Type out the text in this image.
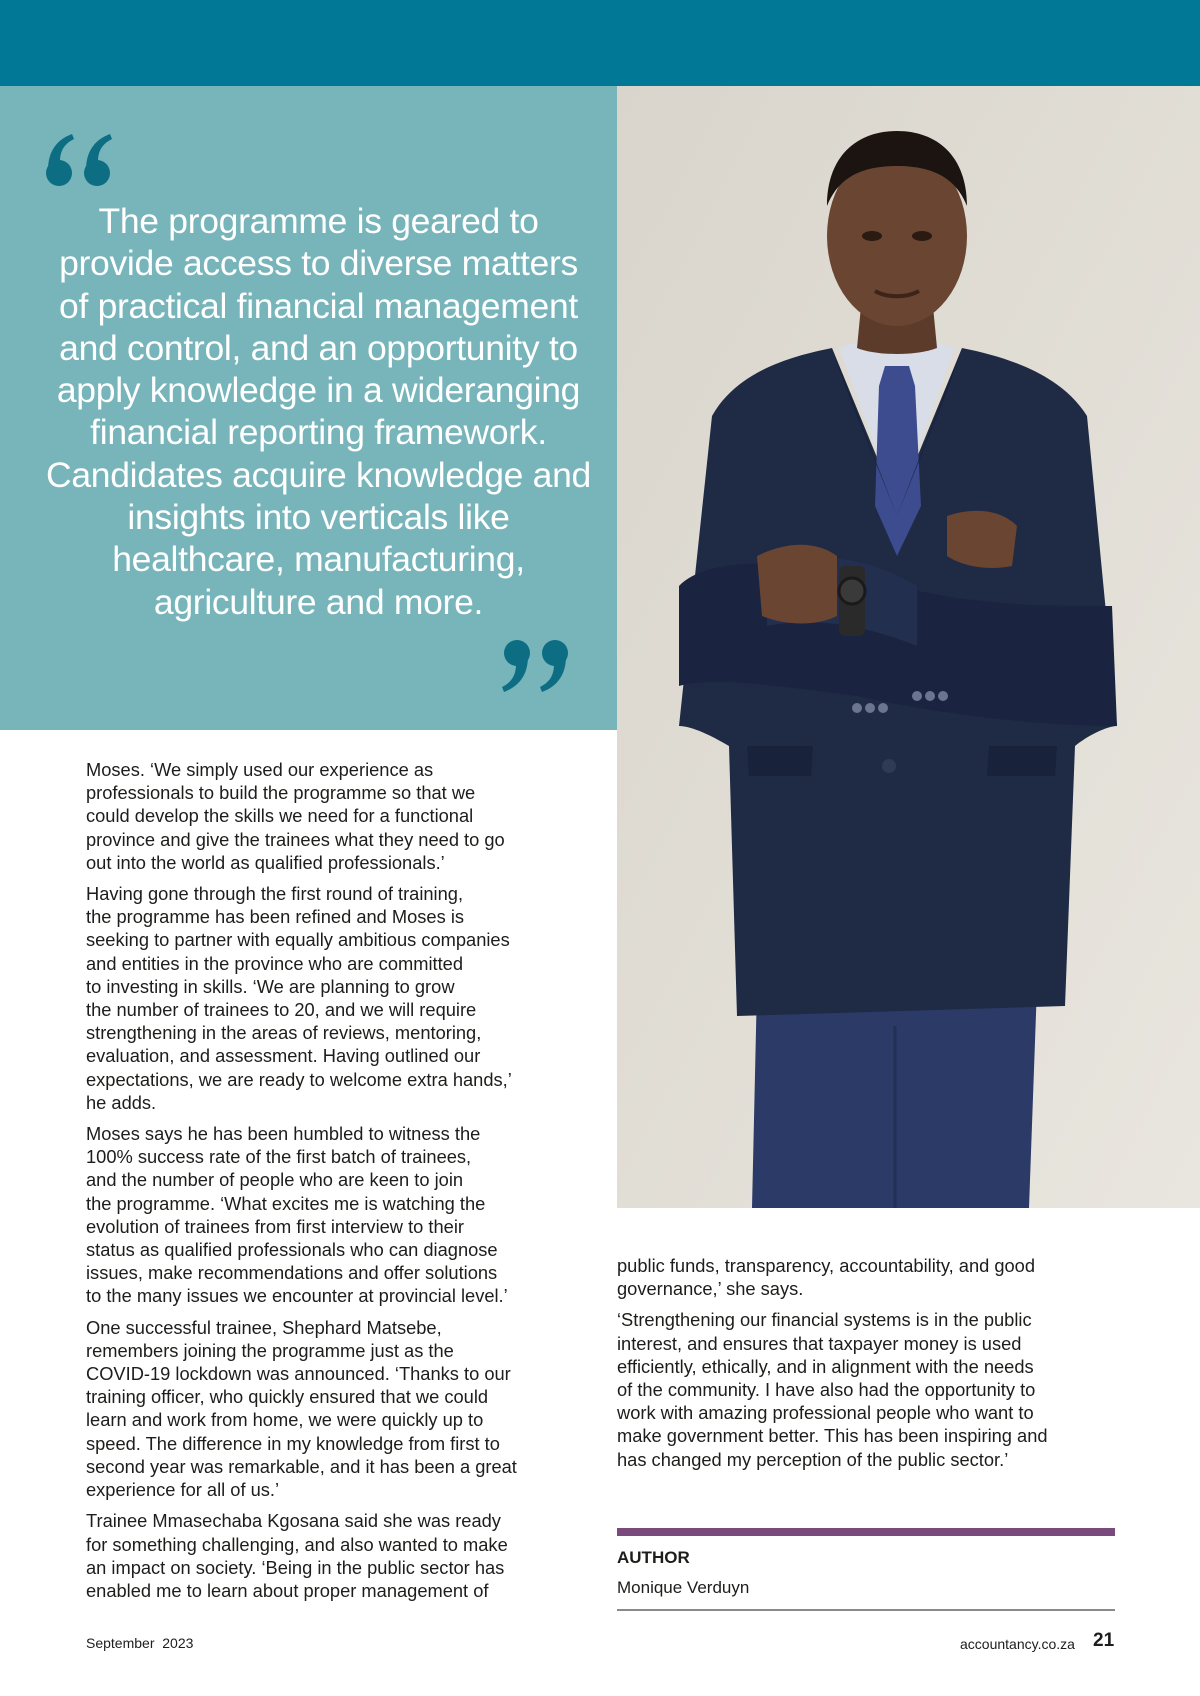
The programme is geared to provide access to diverse matters of practical financial management and control, and an opportunity to apply knowledge in a wideranging financial reporting framework. Candidates acquire knowledge and insights into verticals like healthcare, manufacturing, agriculture and more.

Moses. ‘We simply used our experience as
professionals to build the programme so that we
could develop the skills we need for a functional
province and give the trainees what they need to go
out into the world as qualified professionals.’

Having gone through the first round of training,
the programme has been refined and Moses is
seeking to partner with equally ambitious companies
and entities in the province who are committed
to investing in skills. ‘We are planning to grow
the number of trainees to 20, and we will require
strengthening in the areas of reviews, mentoring,
evaluation, and assessment. Having outlined our
expectations, we are ready to welcome extra hands,’
he adds.

Moses says he has been humbled to witness the
100% success rate of the first batch of trainees,
and the number of people who are keen to join
the programme. ‘What excites me is watching the
evolution of trainees from first interview to their
status as qualified professionals who can diagnose
issues, make recommendations and offer solutions
to the many issues we encounter at provincial level.’

One successful trainee, Shephard Matsebe,
remembers joining the programme just as the
COVID-19 lockdown was announced. ‘Thanks to our
training officer, who quickly ensured that we could
learn and work from home, we were quickly up to
speed. The difference in my knowledge from first to
second year was remarkable, and it has been a great
experience for all of us.’

Trainee Mmasechaba Kgosana said she was ready
for something challenging, and also wanted to make
an impact on society. ‘Being in the public sector has
enabled me to learn about proper management of

public funds, transparency, accountability, and good
governance,’ she says.

‘Strengthening our financial systems is in the public
interest, and ensures that taxpayer money is used
efficiently, ethically, and in alignment with the needs
of the community. I have also had the opportunity to
work with amazing professional people who want to
make government better. This has been inspiring and
has changed my perception of the public sector.’

AUTHOR
Monique Verduyn
September  2023	accountancy.co.za 21
